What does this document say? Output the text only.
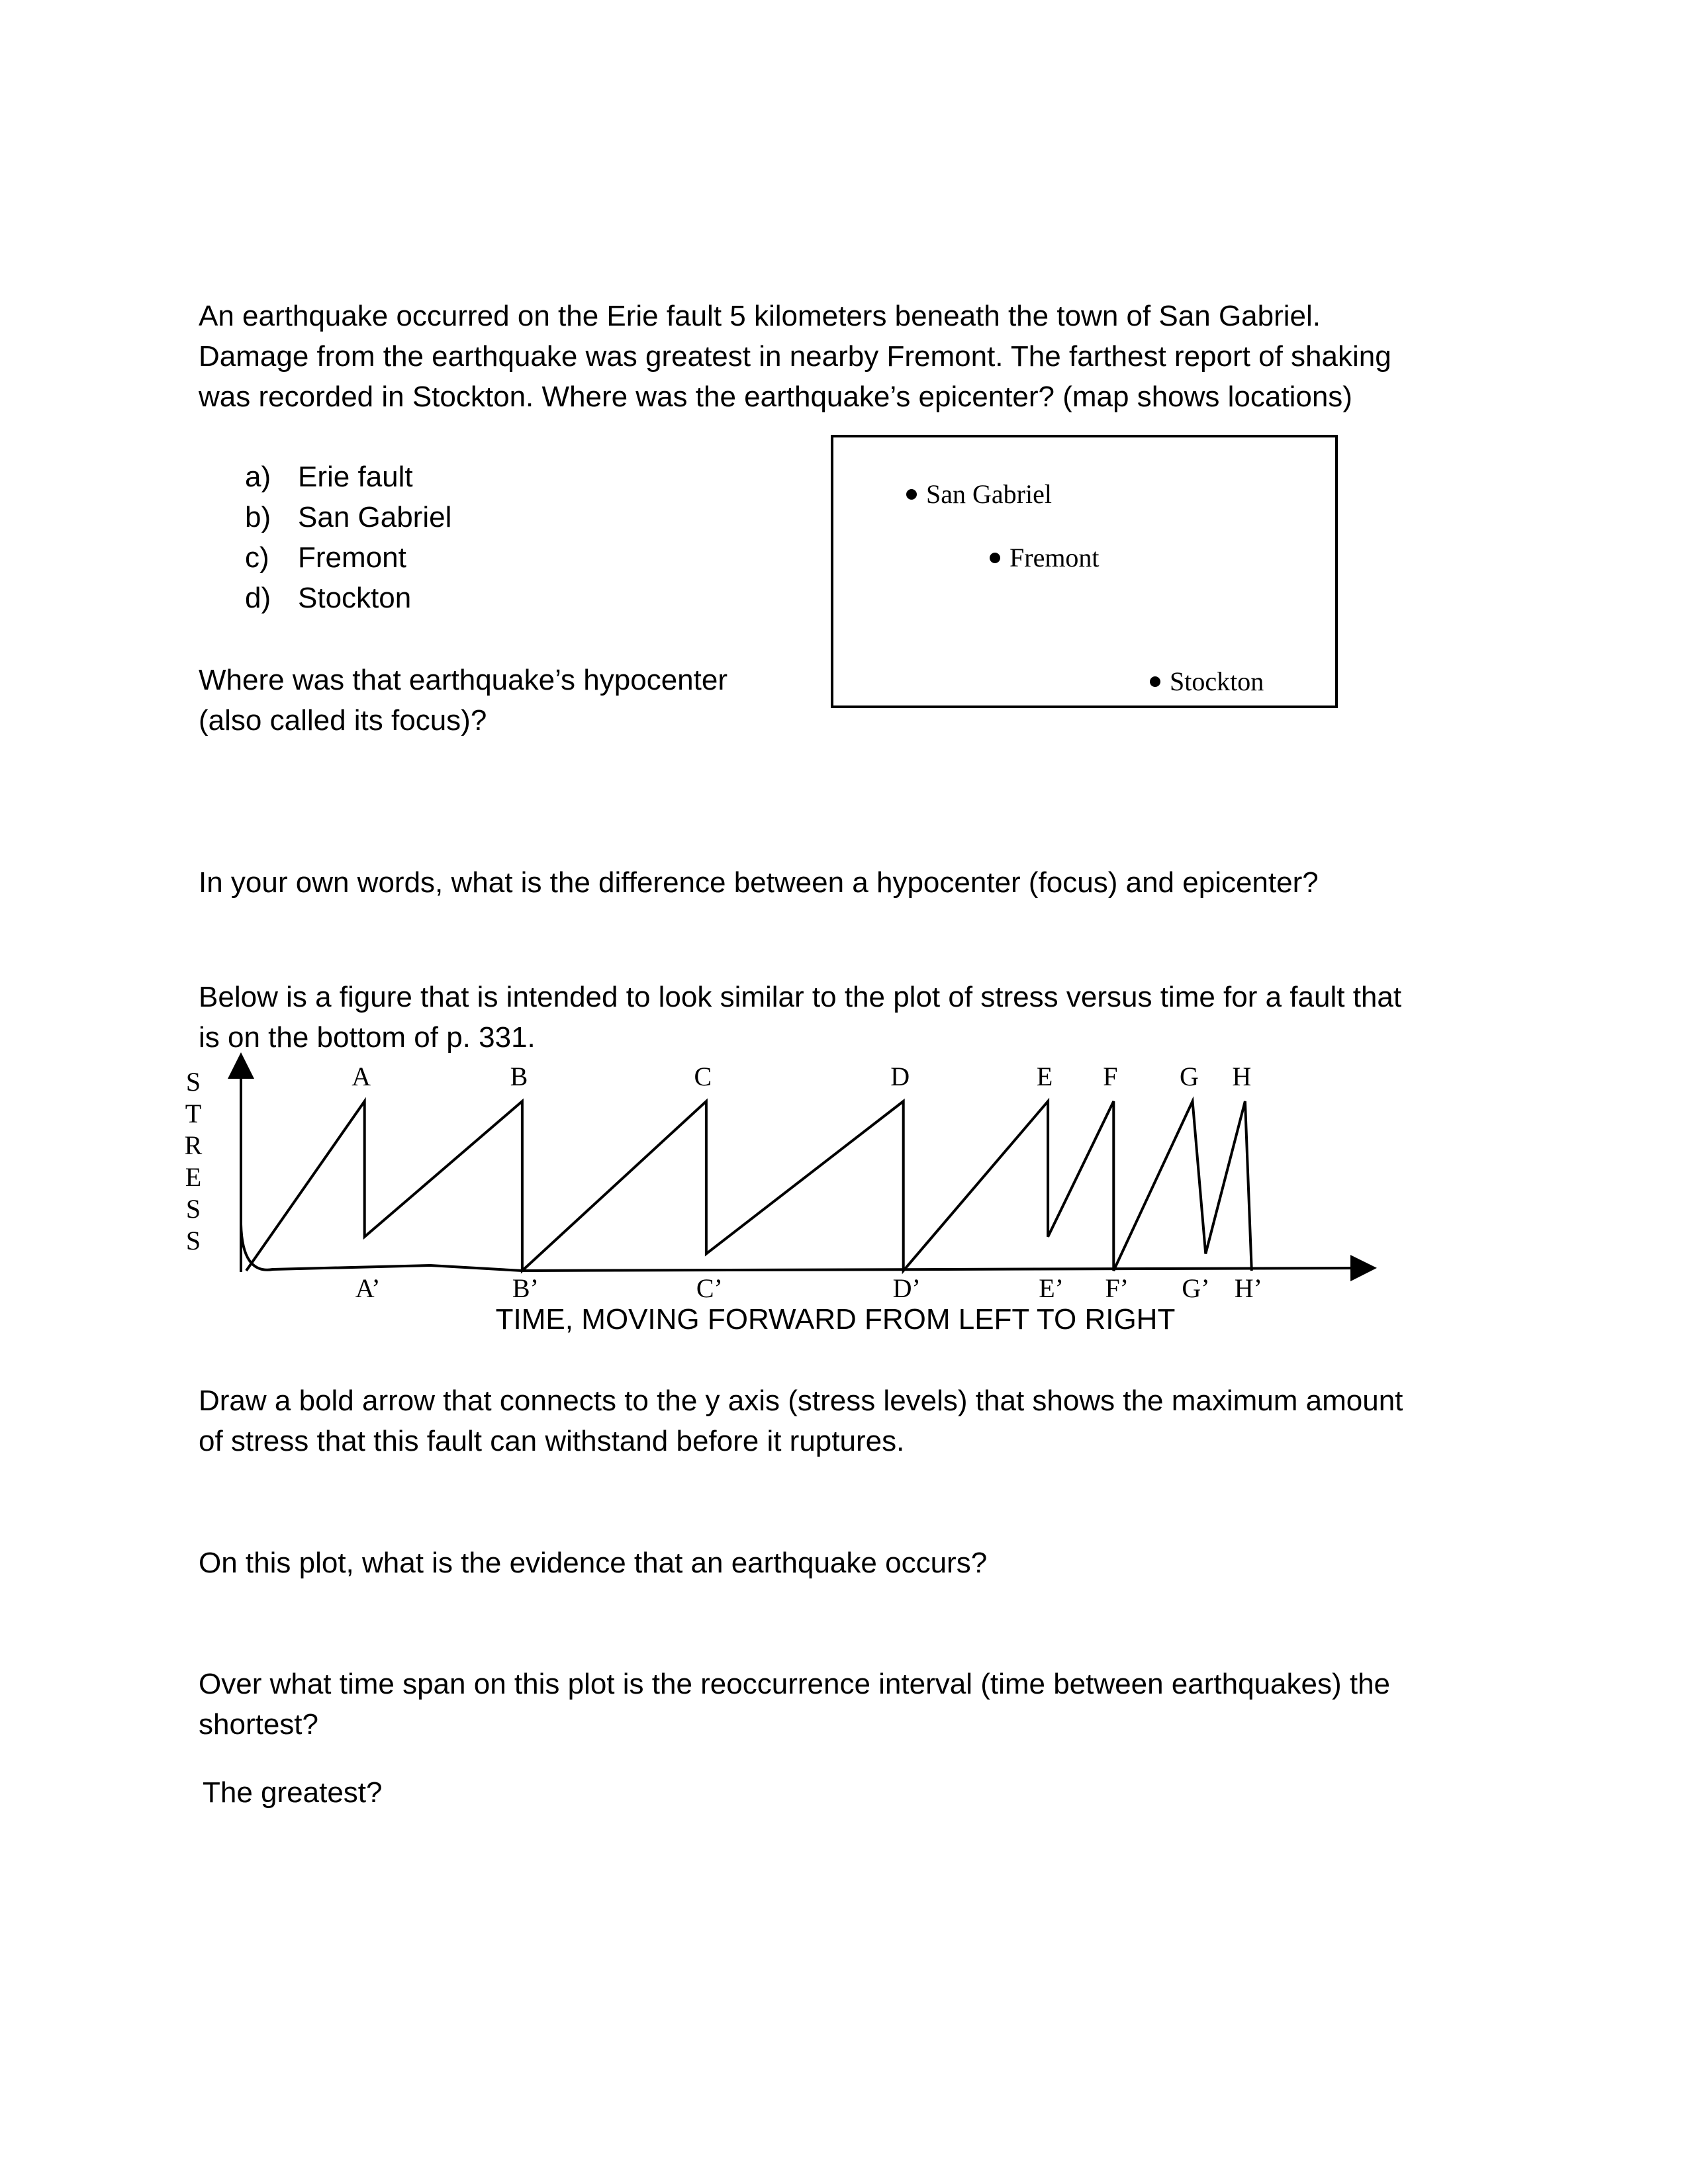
An earthquake occurred on the Erie fault 5 kilometers beneath the town of San Gabriel.
Damage from the earthquake was greatest in nearby Fremont. The farthest report of shaking
was recorded in Stockton. Where was the earthquake’s epicenter? (map shows locations)

a) Erie fault
b) San Gabriel
c) Fremont
d) Stockton
San Gabriel
Fremont
Stockton

Where was that earthquake’s hypocenter
(also called its focus)?

In your own words, what is the difference between a hypocenter (focus) and epicenter?

Below is a figure that is intended to look similar to the plot of stress versus time for a fault that
is on the bottom of p. 331.

S
T
R
E
S
S
A	B	C	D	E F G H
A’	B’	C’	D’	E’ F’ G’ H’
TIME, MOVING FORWARD FROM LEFT TO RIGHT

Draw a bold arrow that connects to the y axis (stress levels) that shows the maximum amount
of stress that this fault can withstand before it ruptures.

On this plot, what is the evidence that an earthquake occurs?

Over what time span on this plot is the reoccurrence interval (time between earthquakes) the
shortest?

The greatest?
